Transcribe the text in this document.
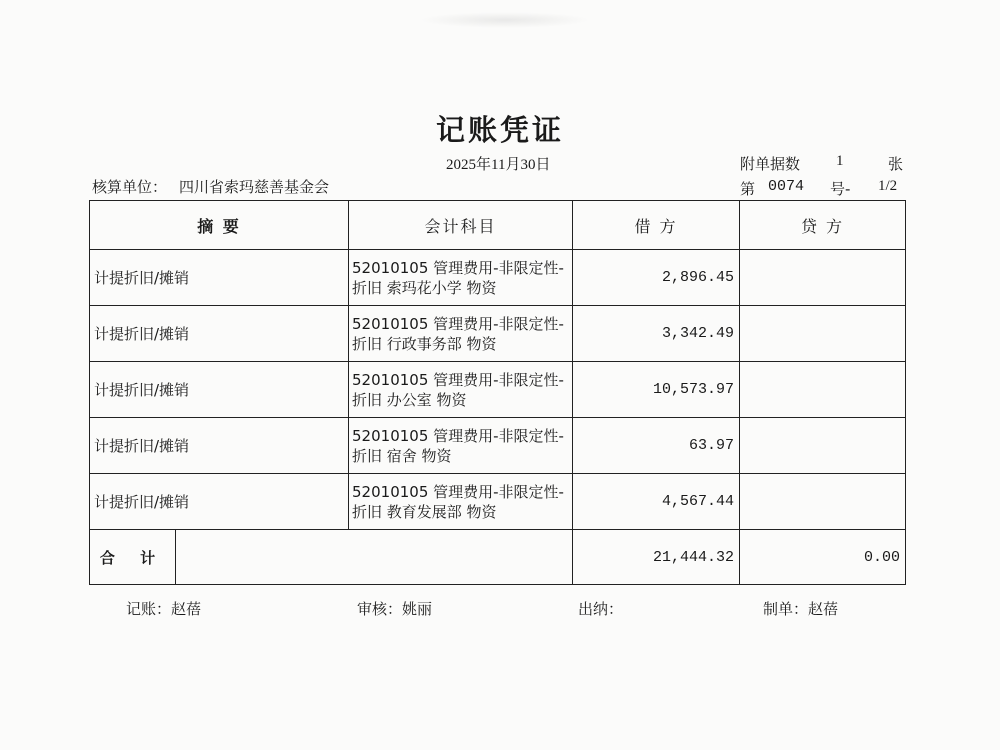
记账凭证
2025年11月30日
核算单位： 四川省索玛慈善基金会
附单据数 1	张
第 0074 号- 1/2
摘 要		会计科目	借 方	贷 方
计提折旧/摊销		52010105 管理费用-非限定性-
折旧 索玛花小学 物资	2,896.45	
计提折旧/摊销		52010105 管理费用-非限定性-
折旧 行政事务部 物资	3,342.49	
计提折旧/摊销		52010105 管理费用-非限定性-
折旧 办公室 物资	10,573.97	
计提折旧/摊销		52010105 管理费用-非限定性-
折旧 宿舍 物资	63.97	
计提折旧/摊销		52010105 管理费用-非限定性-
折旧 教育发展部 物资	4,567.44	
合 计			21,444.32	0.00
记账：赵蓓	审核：姚丽	出纳：	制单：赵蓓
